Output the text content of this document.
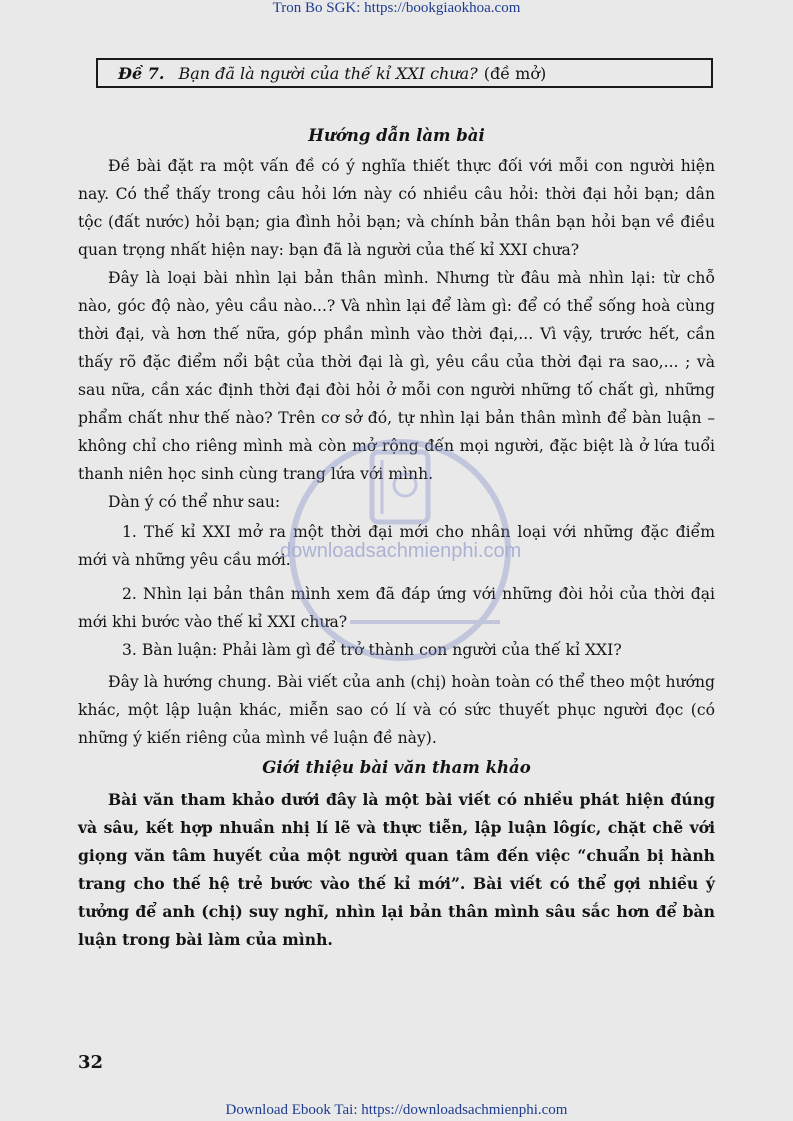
Tron Bo SGK: https://bookgiaokhoa.com
Đề 7. Bạn đã là người của thế kỉ XXI chưa? (đề mở)
Hướng dẫn làm bài

Đề bài đặt ra một vấn đề có ý nghĩa thiết thực đối với mỗi con người hiện nay. Có thể thấy trong câu hỏi lớn này có nhiều câu hỏi: thời đại hỏi bạn; dân tộc (đất nước) hỏi bạn; gia đình hỏi bạn; và chính bản thân bạn hỏi bạn về điều quan trọng nhất hiện nay: bạn đã là người của thế kỉ XXI chưa?

Đây là loại bài nhìn lại bản thân mình. Nhưng từ đâu mà nhìn lại: từ chỗ nào, góc độ nào, yêu cầu nào...? Và nhìn lại để làm gì: để có thể sống hoà cùng thời đại, và hơn thế nữa, góp phần mình vào thời đại,... Vì vậy, trước hết, cần thấy rõ đặc điểm nổi bật của thời đại là gì, yêu cầu của thời đại ra sao,... ; và sau nữa, cần xác định thời đại đòi hỏi ở mỗi con người những tố chất gì, những phẩm chất như thế nào? Trên cơ sở đó, tự nhìn lại bản thân mình để bàn luận – không chỉ cho riêng mình mà còn mở rộng đến mọi người, đặc biệt là ở lứa tuổi thanh niên học sinh cùng trang lứa với mình.

Dàn ý có thể như sau:

1. Thế kỉ XXI mở ra một thời đại mới cho nhân loại với những đặc điểm mới và những yêu cầu mới.

2. Nhìn lại bản thân mình xem đã đáp ứng với những đòi hỏi của thời đại mới khi bước vào thế kỉ XXI chưa?

3. Bàn luận: Phải làm gì để trở thành con người của thế kỉ XXI?

Đây là hướng chung. Bài viết của anh (chị) hoàn toàn có thể theo một hướng khác, một lập luận khác, miễn sao có lí và có sức thuyết phục người đọc (có những ý kiến riêng của mình về luận đề này).

Giới thiệu bài văn tham khảo

Bài văn tham khảo dưới đây là một bài viết có nhiều phát hiện đúng và sâu, kết hợp nhuần nhị lí lẽ và thực tiễn, lập luận lôgíc, chặt chẽ với giọng văn tâm huyết của một người quan tâm đến việc “chuẩn bị hành trang cho thế hệ trẻ bước vào thế kỉ mới”. Bài viết có thể gợi nhiều ý tưởng để anh (chị) suy nghĩ, nhìn lại bản thân mình sâu sắc hơn để bàn luận trong bài làm của mình.

downloadsachmienphi.com
32
Download Ebook Tai: https://downloadsachmienphi.com
